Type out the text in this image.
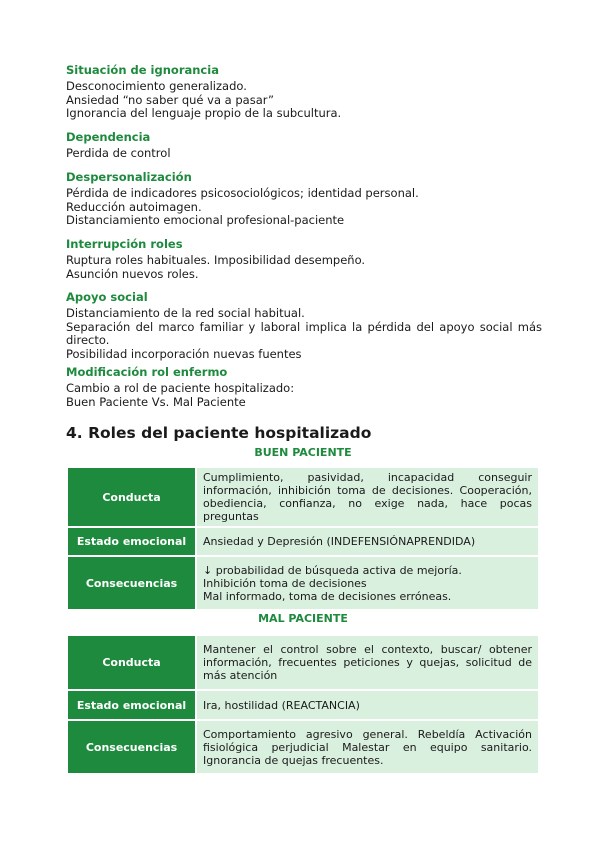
Situación de ignorancia

Desconocimiento generalizado.

Ansiedad “no saber qué va a pasar”

Ignorancia del lenguaje propio de la subcultura.

Dependencia

Perdida de control

Despersonalización

Pérdida de indicadores psicosociológicos; identidad personal.

Reducción autoimagen.

Distanciamiento emocional profesional-paciente

Interrupción roles

Ruptura roles habituales. Imposibilidad desempeño.

Asunción nuevos roles.

Apoyo social

Distanciamiento de la red social habitual.

Separación del marco familiar y laboral implica la pérdida del apoyo social más directo.

Posibilidad incorporación nuevas fuentes

Modificación rol enfermo

Cambio a rol de paciente hospitalizado:

Buen Paciente Vs. Mal Paciente

4. Roles del paciente hospitalizado

BUEN PACIENTE
Conducta	Cumplimiento, pasividad, incapacidad conseguir información, inhibición toma de decisiones. Cooperación, obediencia, confianza, no exige nada, hace pocas preguntas
Estado emocional	Ansiedad y Depresión (INDEFENSIÓNAPRENDIDA)
Consecuencias	↓ probabilidad de búsqueda activa de mejoría.
Inhibición toma de decisiones
Mal informado, toma de decisiones erróneas.
MAL PACIENTE
Conducta	Mantener el control sobre el contexto, buscar/ obtener información, frecuentes peticiones y quejas, solicitud de más atención
Estado emocional	Ira, hostilidad (REACTANCIA)
Consecuencias	Comportamiento agresivo general. Rebeldía Activación fisiológica perjudicial Malestar en equipo sanitario. Ignorancia de quejas frecuentes.
